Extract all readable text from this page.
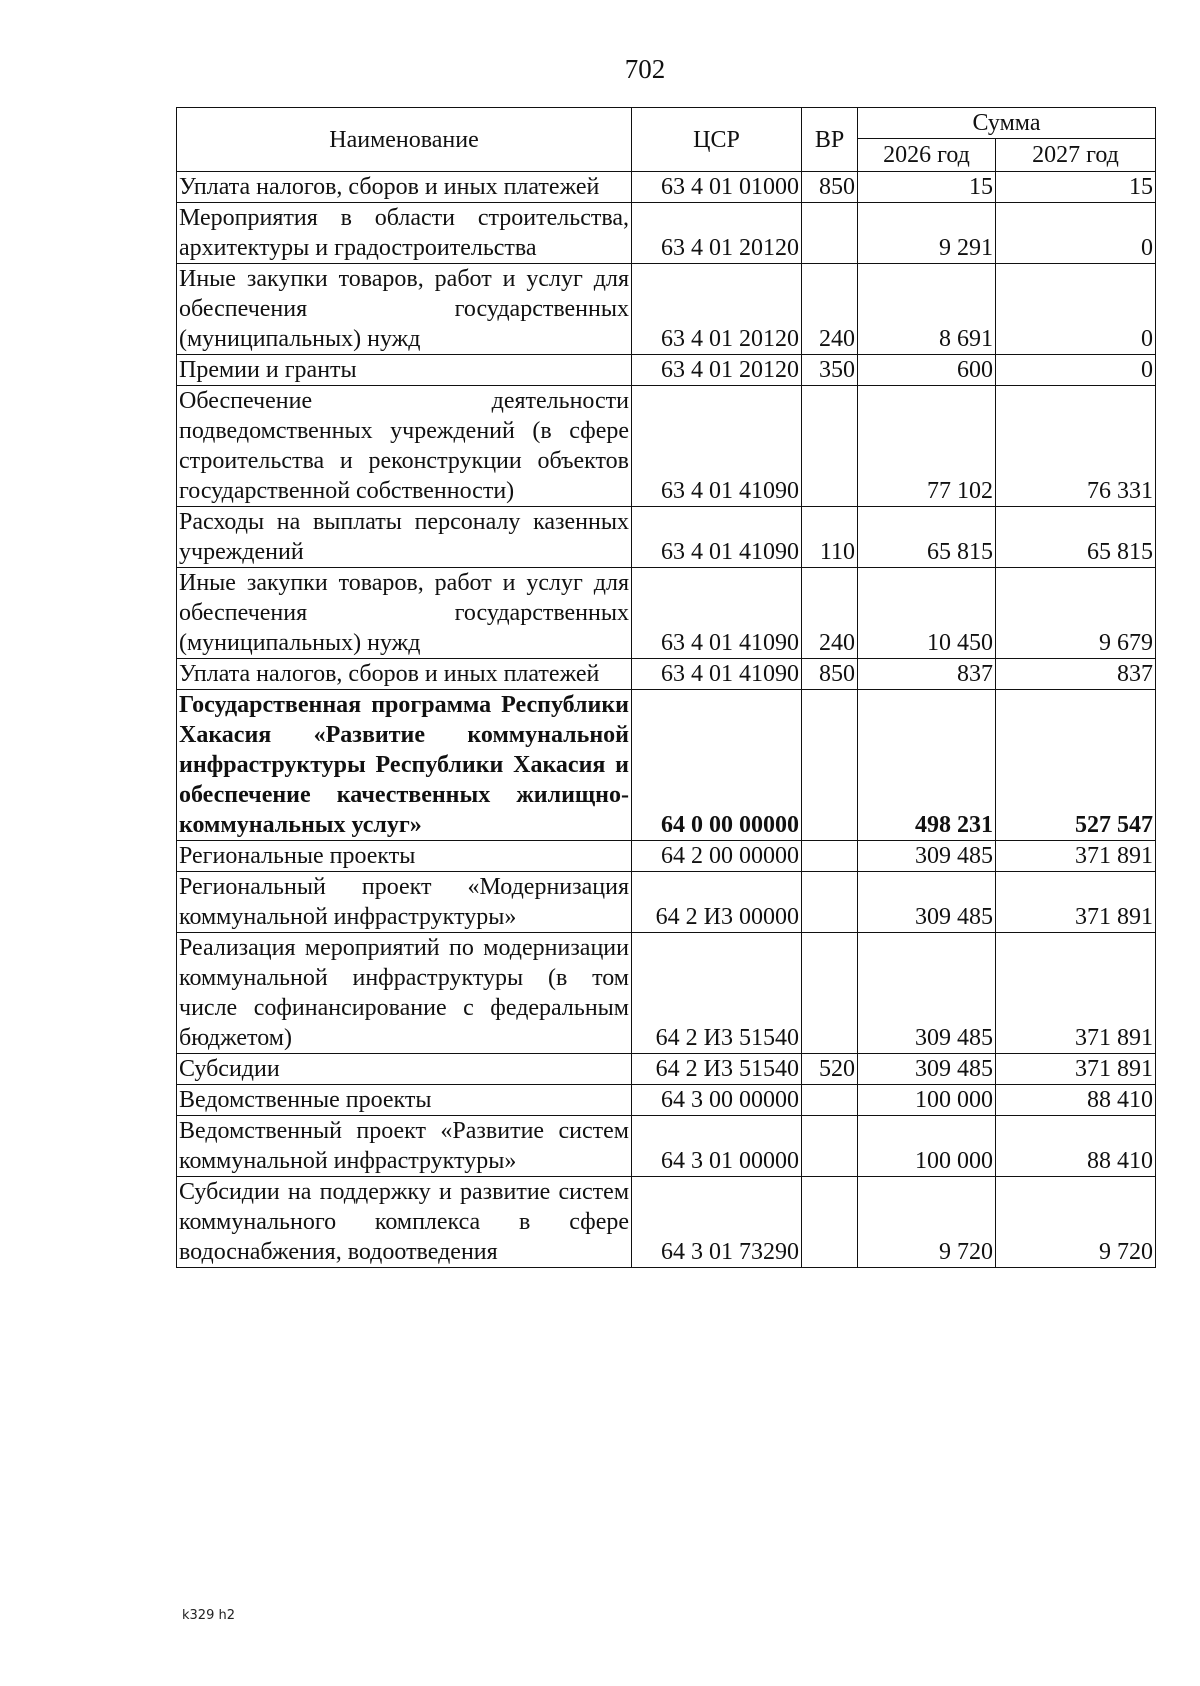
702
Наименование	ЦСР	ВР	Сумма	
			2026 год	2027 год
Уплата налогов, сборов и иных платежей	63 4 01 01000	850	15	15
Мероприятия в области строительства, архитектуры и градостроительства	63 4 01 20120		9 291	0
Иные закупки товаров, работ и услуг для обеспечения государственных (муниципальных) нужд	63 4 01 20120	240	8 691	0
Премии и гранты	63 4 01 20120	350	600	0
Обеспечение деятельности подведомственных учреждений (в сфере строительства и реконструкции объектов государственной собственности)	63 4 01 41090		77 102	76 331
Расходы на выплаты персоналу казенных учреждений	63 4 01 41090	110	65 815	65 815
Иные закупки товаров, работ и услуг для обеспечения государственных (муниципальных) нужд	63 4 01 41090	240	10 450	9 679
Уплата налогов, сборов и иных платежей	63 4 01 41090	850	837	837
Государственная программа Республики Хакасия «Развитие коммунальной инфраструктуры Республики Хакасия и обеспечение качественных жилищно-коммунальных услуг»	64 0 00 00000		498 231	527 547
Региональные проекты	64 2 00 00000		309 485	371 891
Региональный проект «Модернизация коммунальной инфраструктуры»	64 2 И3 00000		309 485	371 891
Реализация мероприятий по модернизации коммунальной инфраструктуры (в том числе софинансирование с федеральным бюджетом)	64 2 И3 51540		309 485	371 891
Субсидии	64 2 И3 51540	520	309 485	371 891
Ведомственные проекты	64 3 00 00000		100 000	88 410
Ведомственный проект «Развитие систем коммунальной инфраструктуры»	64 3 01 00000		100 000	88 410
Субсидии на поддержку и развитие систем коммунального комплекса в сфере водоснабжения, водоотведения	64 3 01 73290		9 720	9 720
k329 h2
